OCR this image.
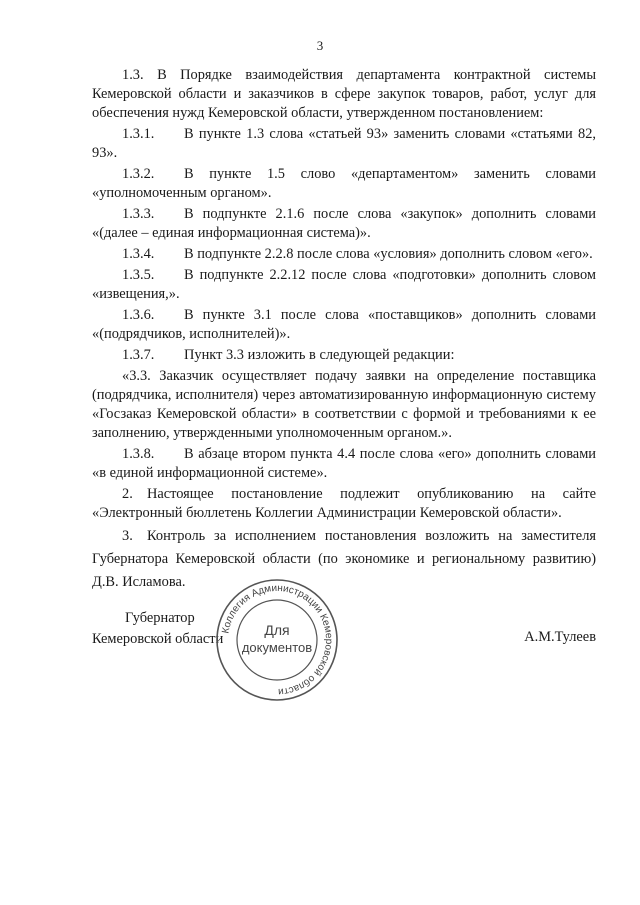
3

1.3. В Порядке взаимодействия департамента контрактной системы Кемеровской области и заказчиков в сфере закупок товаров, работ, услуг для обеспечения нужд Кемеровской области, утвержденном постановлением:

1.3.1. В пункте 1.3 слова «статьей 93» заменить словами «статьями 82, 93».

1.3.2. В пункте 1.5 слово «департаментом» заменить словами «уполномоченным органом».

1.3.3. В подпункте 2.1.6 после слова «закупок» дополнить словами «(далее – единая информационная система)».

1.3.4. В подпункте 2.2.8 после слова «условия» дополнить словом «его».

1.3.5. В подпункте 2.2.12 после слова «подготовки» дополнить словом «извещения,».

1.3.6. В пункте 3.1 после слова «поставщиков» дополнить словами «(подрядчиков, исполнителей)».

1.3.7. Пункт 3.3 изложить в следующей редакции:

«3.3. Заказчик осуществляет подачу заявки на определение поставщика (подрядчика, исполнителя) через автоматизированную информационную систему «Госзаказ Кемеровской области» в соответствии с формой и требованиями к ее заполнению, утвержденными уполномоченным органом.».

1.3.8. В абзаце втором пункта 4.4 после слова «его» дополнить словами «в единой информационной системе».

2. Настоящее постановление подлежит опубликованию на сайте «Электронный бюллетень Коллегии Администрации Кемеровской области».

3. Контроль за исполнением постановления возложить на заместителя Губернатора Кемеровской области (по экономике и региональному развитию) Д.В. Исламова.

Губернатор
Кемеровской области	А.М.Тулеев
Коллегия Администрации Кемеровской области
Для
документов
